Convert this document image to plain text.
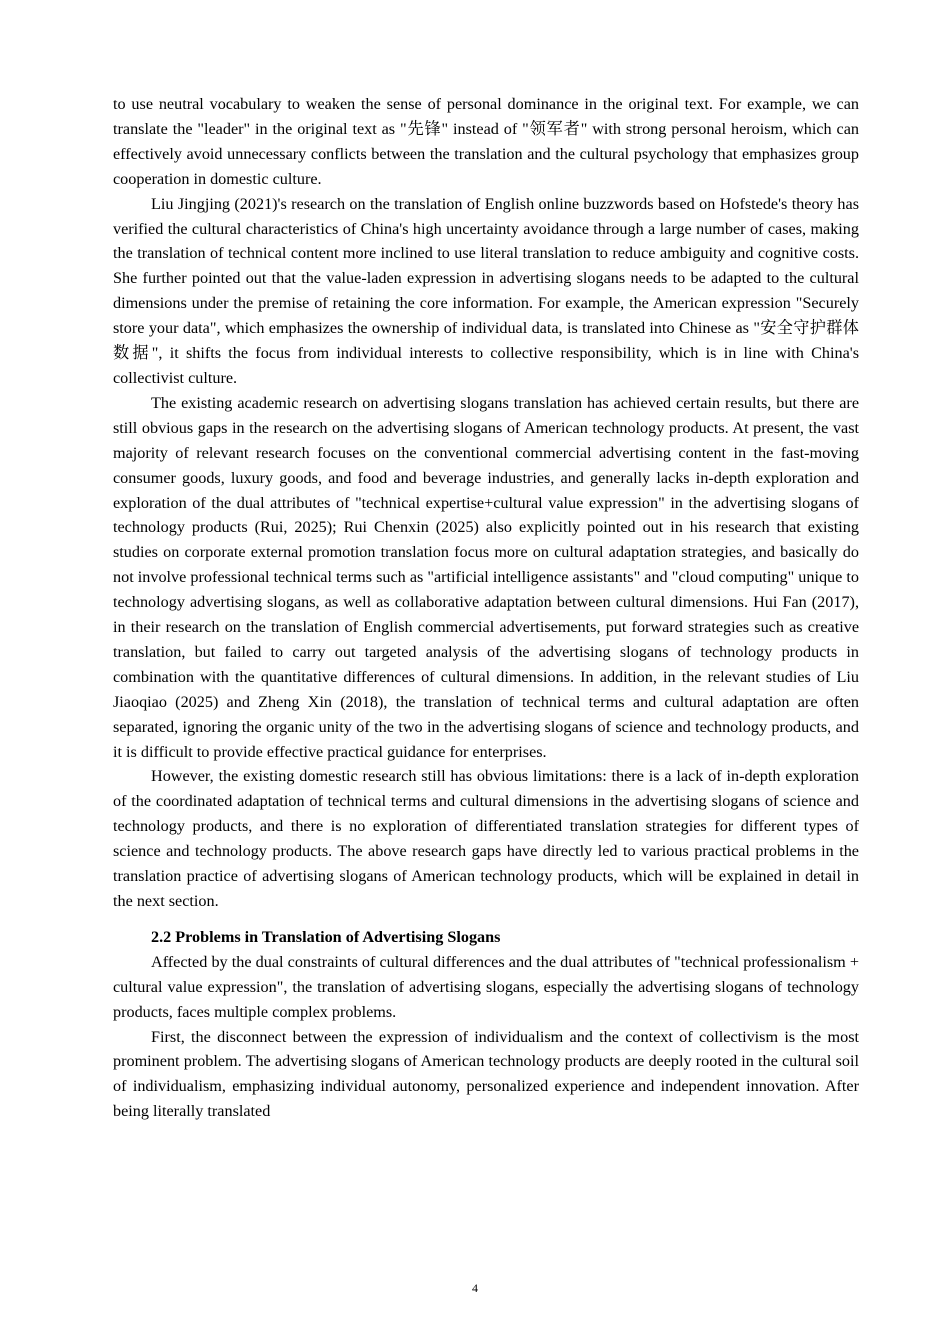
to use neutral vocabulary to weaken the sense of personal dominance in the original text. For example, we can translate the "leader" in the original text as "先锋" instead of "领军者" with strong personal heroism, which can effectively avoid unnecessary conflicts between the translation and the cultural psychology that emphasizes group cooperation in domestic culture.

Liu Jingjing (2021)'s research on the translation of English online buzzwords based on Hofstede's theory has verified the cultural characteristics of China's high uncertainty avoidance through a large number of cases, making the translation of technical content more inclined to use literal translation to reduce ambiguity and cognitive costs. She further pointed out that the value-laden expression in advertising slogans needs to be adapted to the cultural dimensions under the premise of retaining the core information. For example, the American expression "Securely store your data", which emphasizes the ownership of individual data, is translated into Chinese as "安全守护群体数据", it shifts the focus from individual interests to collective responsibility, which is in line with China's collectivist culture.

The existing academic research on advertising slogans translation has achieved certain results, but there are still obvious gaps in the research on the advertising slogans of American technology products. At present, the vast majority of relevant research focuses on the conventional commercial advertising content in the fast-moving consumer goods, luxury goods, and food and beverage industries, and generally lacks in-depth exploration and exploration of the dual attributes of "technical expertise+cultural value expression" in the advertising slogans of technology products (Rui, 2025); Rui Chenxin (2025) also explicitly pointed out in his research that existing studies on corporate external promotion translation focus more on cultural adaptation strategies, and basically do not involve professional technical terms such as "artificial intelligence assistants" and "cloud computing" unique to technology advertising slogans, as well as collaborative adaptation between cultural dimensions. Hui Fan (2017), in their research on the translation of English commercial advertisements, put forward strategies such as creative translation, but failed to carry out targeted analysis of the advertising slogans of technology products in combination with the quantitative differences of cultural dimensions. In addition, in the relevant studies of Liu Jiaoqiao (2025) and Zheng Xin (2018), the translation of technical terms and cultural adaptation are often separated, ignoring the organic unity of the two in the advertising slogans of science and technology products, and it is difficult to provide effective practical guidance for enterprises.

However, the existing domestic research still has obvious limitations: there is a lack of in-depth exploration of the coordinated adaptation of technical terms and cultural dimensions in the advertising slogans of science and technology products, and there is no exploration of differentiated translation strategies for different types of science and technology products. The above research gaps have directly led to various practical problems in the translation practice of advertising slogans of American technology products, which will be explained in detail in the next section.

2.2 Problems in Translation of Advertising Slogans

Affected by the dual constraints of cultural differences and the dual attributes of "technical professionalism + cultural value expression", the translation of advertising slogans, especially the advertising slogans of technology products, faces multiple complex problems.

First, the disconnect between the expression of individualism and the context of collectivism is the most prominent problem. The advertising slogans of American technology products are deeply rooted in the cultural soil of individualism, emphasizing individual autonomy, personalized experience and independent innovation. After being literally translated

4
